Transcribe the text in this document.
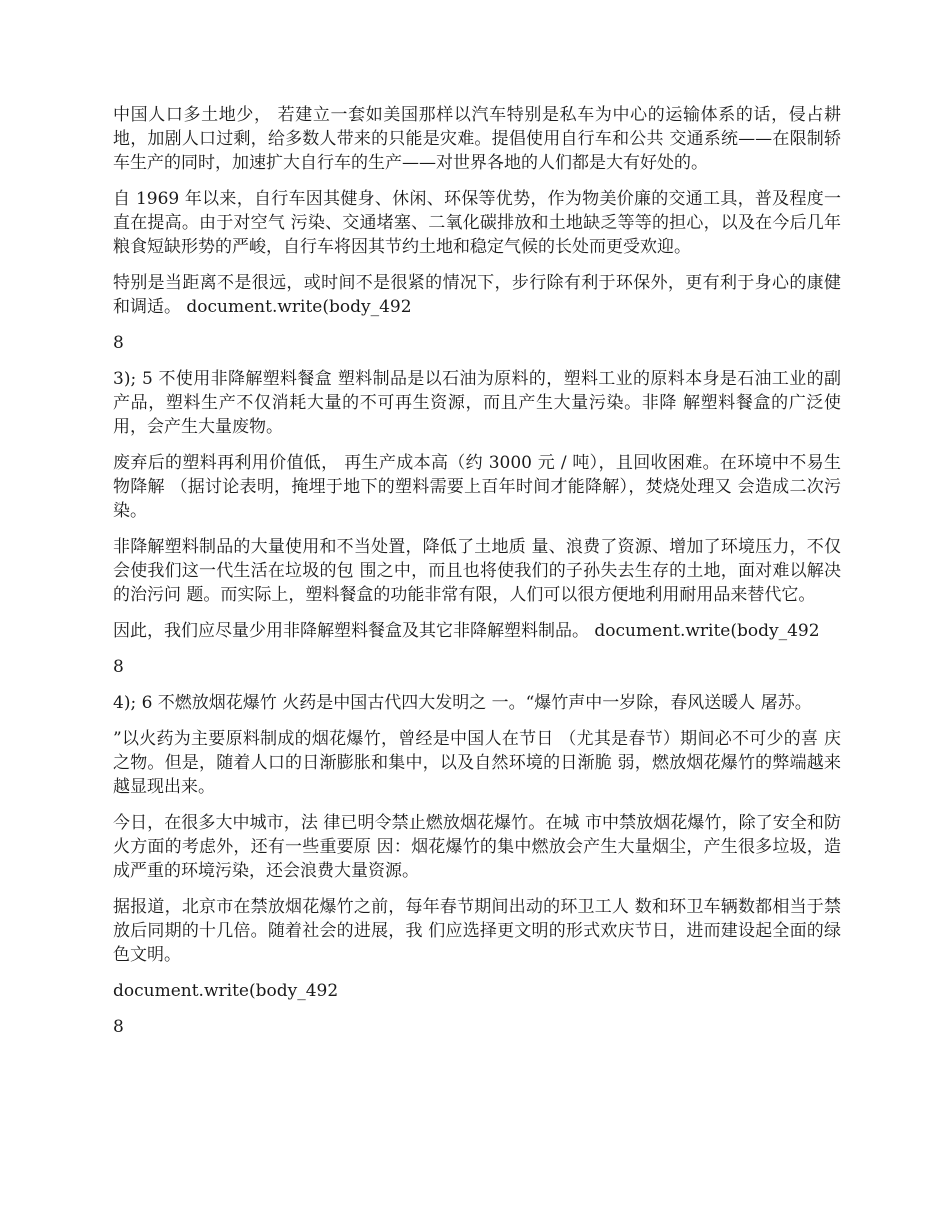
中国人口多土地少， 若建立一套如美国那样以汽车特别是私车为中心的运输体系的话，侵占耕地，加剧人口过剩，给多数人带来的只能是灾难。提倡使用自行车和公共 交通系统——在限制轿车生产的同时，加速扩大自行车的生产——对世界各地的人们都是大有好处的。

自 1969 年以来，自行车因其健身、休闲、环保等优势，作为物美价廉的交通工具，普及程度一直在提高。由于对空气 污染、交通堵塞、二氧化碳排放和土地缺乏等等的担心，以及在今后几年 粮食短缺形势的严峻，自行车将因其节约土地和稳定气候的长处而更受欢迎。

特别是当距离不是很远，或时间不是很紧的情况下，步行除有利于环保外，更有利于身心的康健和调适。 document.write(body_492

8

3); 5 不使用非降解塑料餐盒 塑料制品是以石油为原料的，塑料工业的原料本身是石油工业的副 产品，塑料生产不仅消耗大量的不可再生资源，而且产生大量污染。非降 解塑料餐盒的广泛使用，会产生大量废物。

废弃后的塑料再利用价值低， 再生产成本高（约 3000 元 / 吨），且回收困难。在环境中不易生物降解 （据讨论表明，掩埋于地下的塑料需要上百年时间才能降解），焚烧处理又 会造成二次污染。

非降解塑料制品的大量使用和不当处置，降低了土地质 量、浪费了资源、增加了环境压力，不仅会使我们这一代生活在垃圾的包 围之中，而且也将使我们的子孙失去生存的土地，面对难以解决的治污问 题。而实际上，塑料餐盒的功能非常有限，人们可以很方便地利用耐用品来替代它。

因此，我们应尽量少用非降解塑料餐盒及其它非降解塑料制品。 document.write(body_492

8

4); 6 不燃放烟花爆竹 火药是中国古代四大发明之 一。“爆竹声中一岁除，春风送暖人 屠苏。

”以火药为主要原料制成的烟花爆竹，曾经是中国人在节日 （尤其是春节）期间必不可少的喜 庆之物。但是，随着人口的日渐膨胀和集中，以及自然环境的日渐脆 弱，燃放烟花爆竹的弊端越来越显现出来。

今日，在很多大中城市，法 律已明令禁止燃放烟花爆竹。在城 市中禁放烟花爆竹，除了安全和防火方面的考虑外，还有一些重要原 因：烟花爆竹的集中燃放会产生大量烟尘，产生很多垃圾，造成严重的环境污染，还会浪费大量资源。

据报道，北京市在禁放烟花爆竹之前，每年春节期间出动的环卫工人 数和环卫车辆数都相当于禁放后同期的十几倍。随着社会的进展，我 们应选择更文明的形式欢庆节日，进而建设起全面的绿色文明。

document.write(body_492

8
